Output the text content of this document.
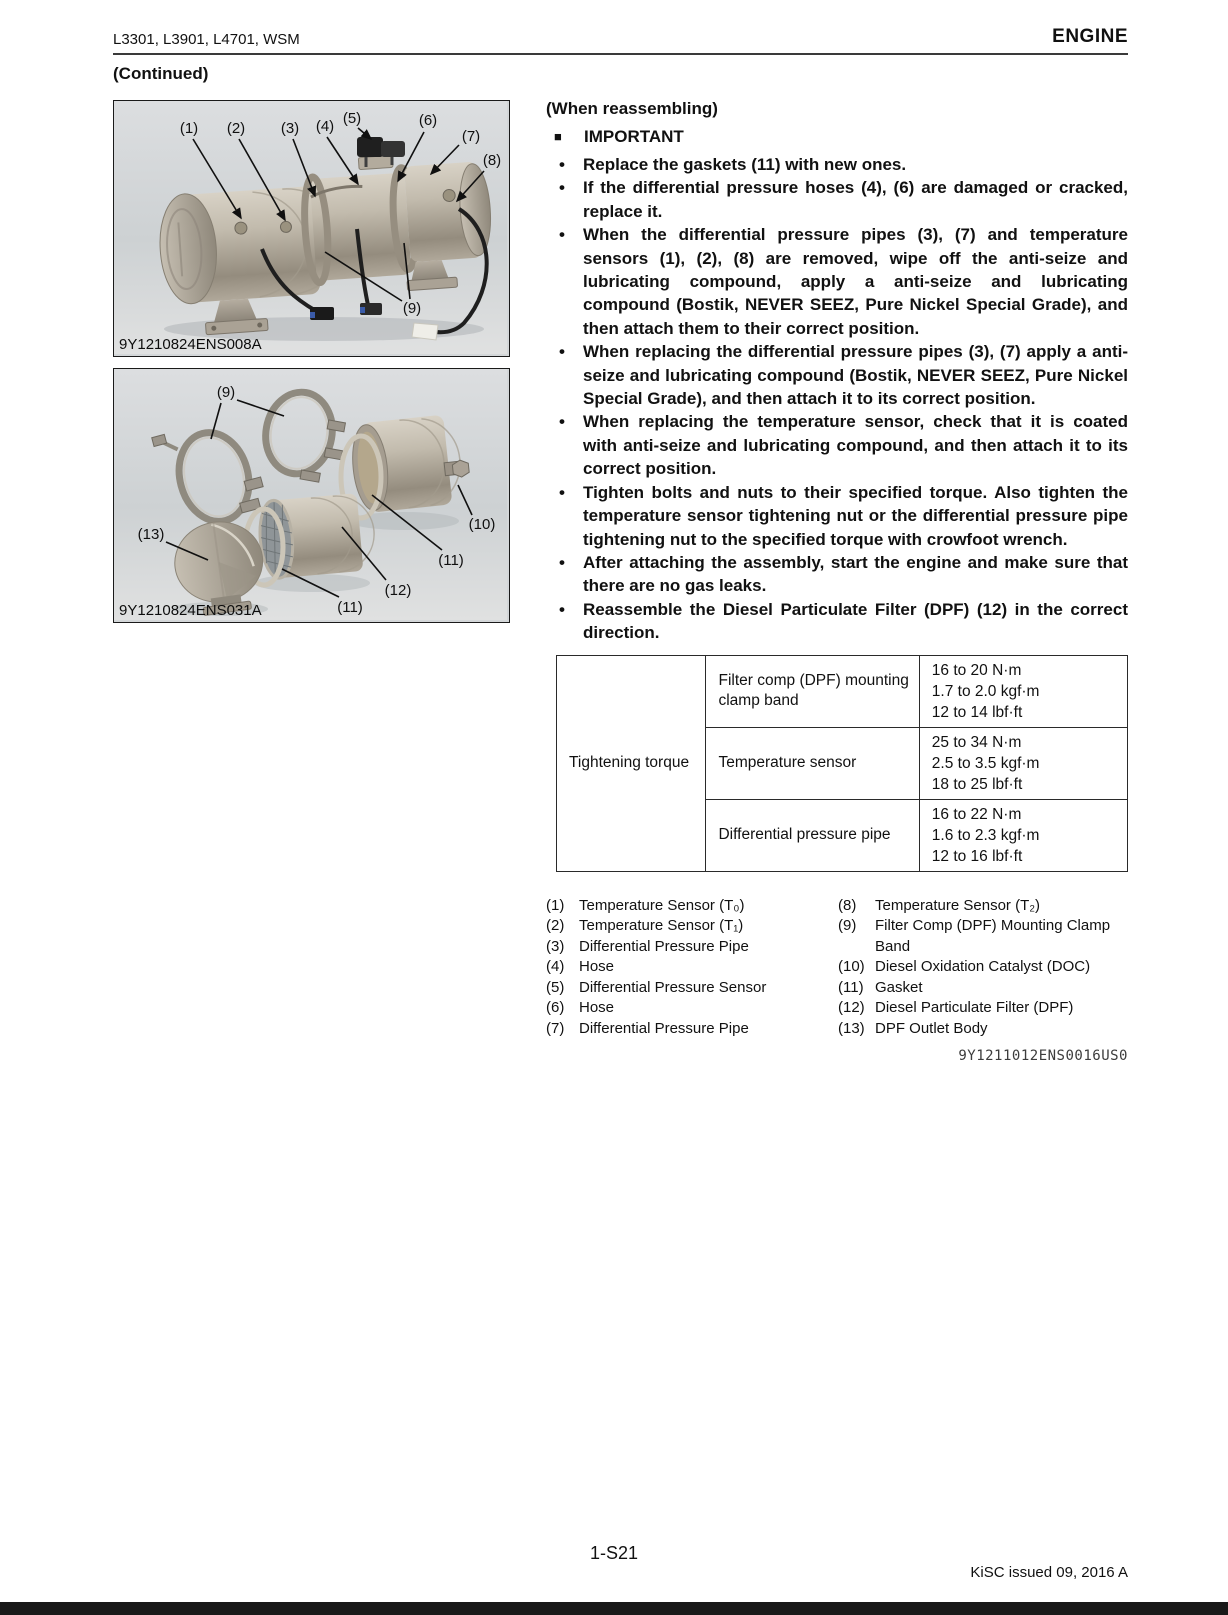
L3301, L3901, L4701, WSM	ENGINE
(Continued)
(1) (2) (3) (4) (5)	(6)
(7)
(8)
(9)
9Y1210824ENS008A
(9)
(10)
(11)
(12)
(11)
(13)
9Y1210824ENS031A
(When reassembling)
■	IMPORTANT
•	Replace the gaskets (11) with new ones.
•	If the differential pressure hoses (4), (6) are damaged or cracked, replace it.
•	When the differential pressure pipes (3), (7) and temperature sensors (1), (2), (8) are removed, wipe off the anti-seize and lubricating compound, apply a anti-seize and lubricating compound (Bostik, NEVER SEEZ, Pure Nickel Special Grade), and then attach them to their correct position.
•	When replacing the differential pressure pipes (3), (7) apply a anti-seize and lubricating compound (Bostik, NEVER SEEZ, Pure Nickel Special Grade), and then attach it to its correct position.
•	When replacing the temperature sensor, check that it is coated with anti-seize and lubricating compound, and then attach it to its correct position.
•	Tighten bolts and nuts to their specified torque. Also tighten the temperature sensor tightening nut or the differential pressure pipe tightening nut to the specified torque with crowfoot wrench.
•	After attaching the assembly, start the engine and make sure that there are no gas leaks.
•	Reassemble the Diesel Particulate Filter (DPF) (12) in the correct direction.
Tightening torque	Filter comp (DPF) mounting clamp band	16 to 20 N·m
1.7 to 2.0 kgf·m
12 to 14 lbf·ft

	Temperature sensor	25 to 34 N·m
2.5 to 3.5 kgf·m
18 to 25 lbf·ft

	Differential pressure pipe	16 to 22 N·m
1.6 to 2.3 kgf·m
12 to 16 lbf·ft
(1) Temperature Sensor (T₀)
(2) Temperature Sensor (T₁)
(3) Differential Pressure Pipe
(4) Hose
(5) Differential Pressure Sensor
(6) Hose
(7) Differential Pressure Pipe
(8)	Temperature Sensor (T₂)
(9)	Filter Comp (DPF) Mounting Clamp Band
(10) Diesel Oxidation Catalyst (DOC)
(11) Gasket
(12) Diesel Particulate Filter (DPF)
(13) DPF Outlet Body
9Y1211012ENS0016US0
1-S21
KiSC issued 09, 2016 A
